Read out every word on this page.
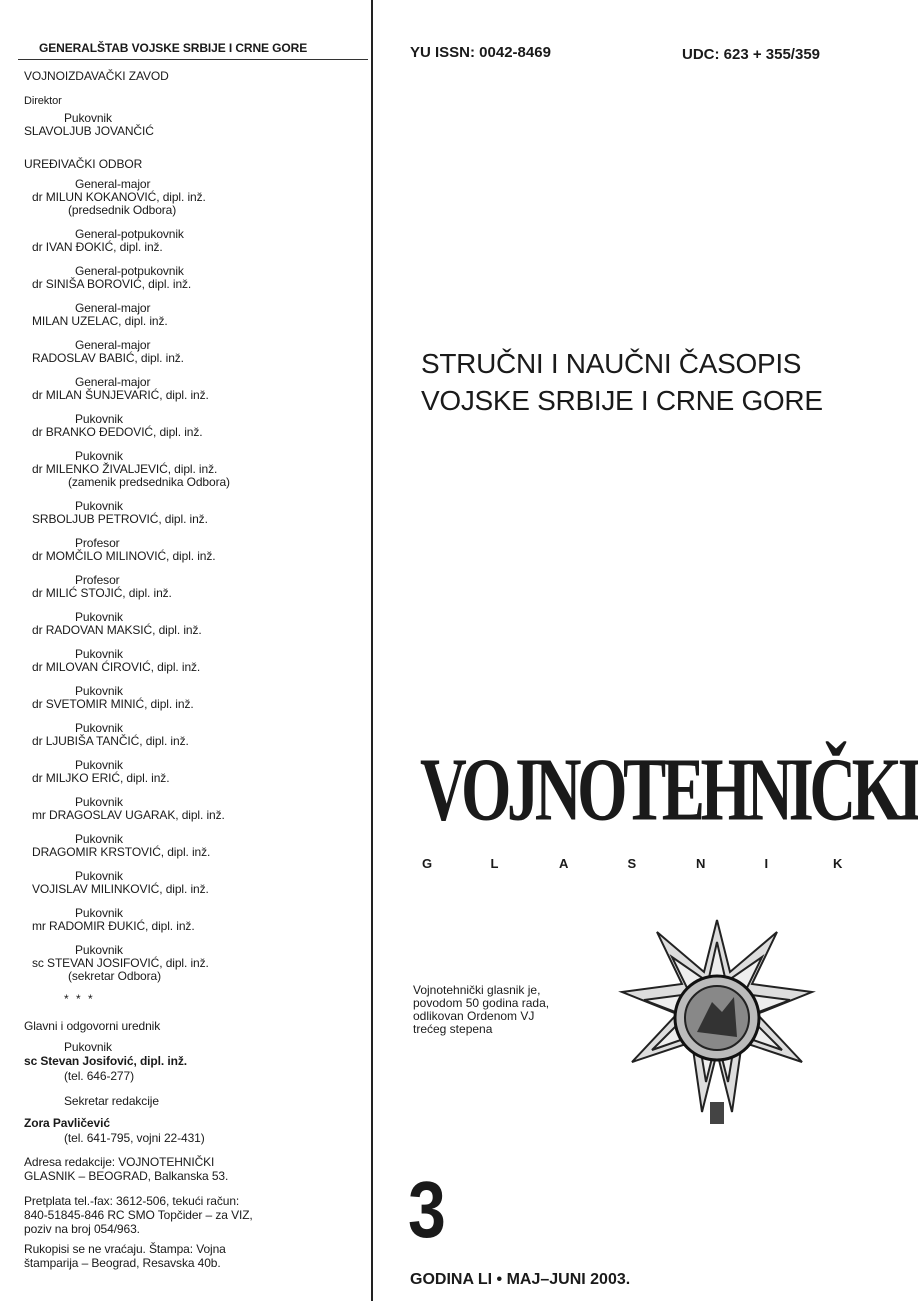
GENERALŠTAB VOJSKE SRBIJE I CRNE GORE
VOJNOIZDAVAČKI ZAVOD
Direktor
Pukovnik
SLAVOLJUB JOVANČIĆ
UREĐIVAČKI ODBOR
General-major
dr MILUN KOKANOVIĆ, dipl. inž.
(predsednik Odbora)
General-potpukovnik
dr IVAN ĐOKIĆ, dipl. inž.
General-potpukovnik
dr SINIŠA BOROVIĆ, dipl. inž.
General-major
MILAN UZELAC, dipl. inž.
General-major
RADOSLAV BABIĆ, dipl. inž.
General-major
dr MILAN ŠUNJEVARIĆ, dipl. inž.
Pukovnik
dr BRANKO ĐEDOVIĆ, dipl. inž.
Pukovnik
dr MILENKO ŽIVALJEVIĆ, dipl. inž.
(zamenik predsednika Odbora)
Pukovnik
SRBOLJUB PETROVIĆ, dipl. inž.
Profesor
dr MOMČILO MILINOVIĆ, dipl. inž.
Profesor
dr MILIĆ STOJIĆ, dipl. inž.
Pukovnik
dr RADOVAN MAKSIĆ, dipl. inž.
Pukovnik
dr MILOVAN ĆIROVIĆ, dipl. inž.
Pukovnik
dr SVETOMIR MINIĆ, dipl. inž.
Pukovnik
dr LJUBIŠA TANČIĆ, dipl. inž.
Pukovnik
dr MILJKO ERIĆ, dipl. inž.
Pukovnik
mr DRAGOSLAV UGARAK, dipl. inž.
Pukovnik
DRAGOMIR KRSTOVIĆ, dipl. inž.
Pukovnik
VOJISLAV MILINKOVIĆ, dipl. inž.
Pukovnik
mr RADOMIR ĐUKIĆ, dipl. inž.
Pukovnik
sc STEVAN JOSIFOVIĆ, dipl. inž.
(sekretar Odbora)
* * *
Glavni i odgovorni urednik
Pukovnik
sc Stevan Josifović, dipl. inž.
(tel. 646-277)
Sekretar redakcije
Zora Pavličević
(tel. 641-795, vojni 22-431)
Adresa redakcije: VOJNOTEHNIČKI
GLASNIK – BEOGRAD, Balkanska 53.
Pretplata tel.-fax: 3612-506, tekući račun:
840-51845-846 RC SMO Topčider – za VIZ,
poziv na broj 054/963.
Rukopisi se ne vraćaju. Štampa: Vojna
štamparija – Beograd, Resavska 40b.
YU ISSN: 0042-8469	UDC: 623 + 355/359
STRUČNI I NAUČNI ČASOPIS
VOJSKE SRBIJE I CRNE GORE
VOJNOTEHNIČKI
G	L	A	S	N	I	K
Vojnotehnički glasnik je,
povodom 50 godina rada,
odlikovan Ordenom VJ
trećeg stepena
3
GODINA LI • MAJ–JUNI 2003.
